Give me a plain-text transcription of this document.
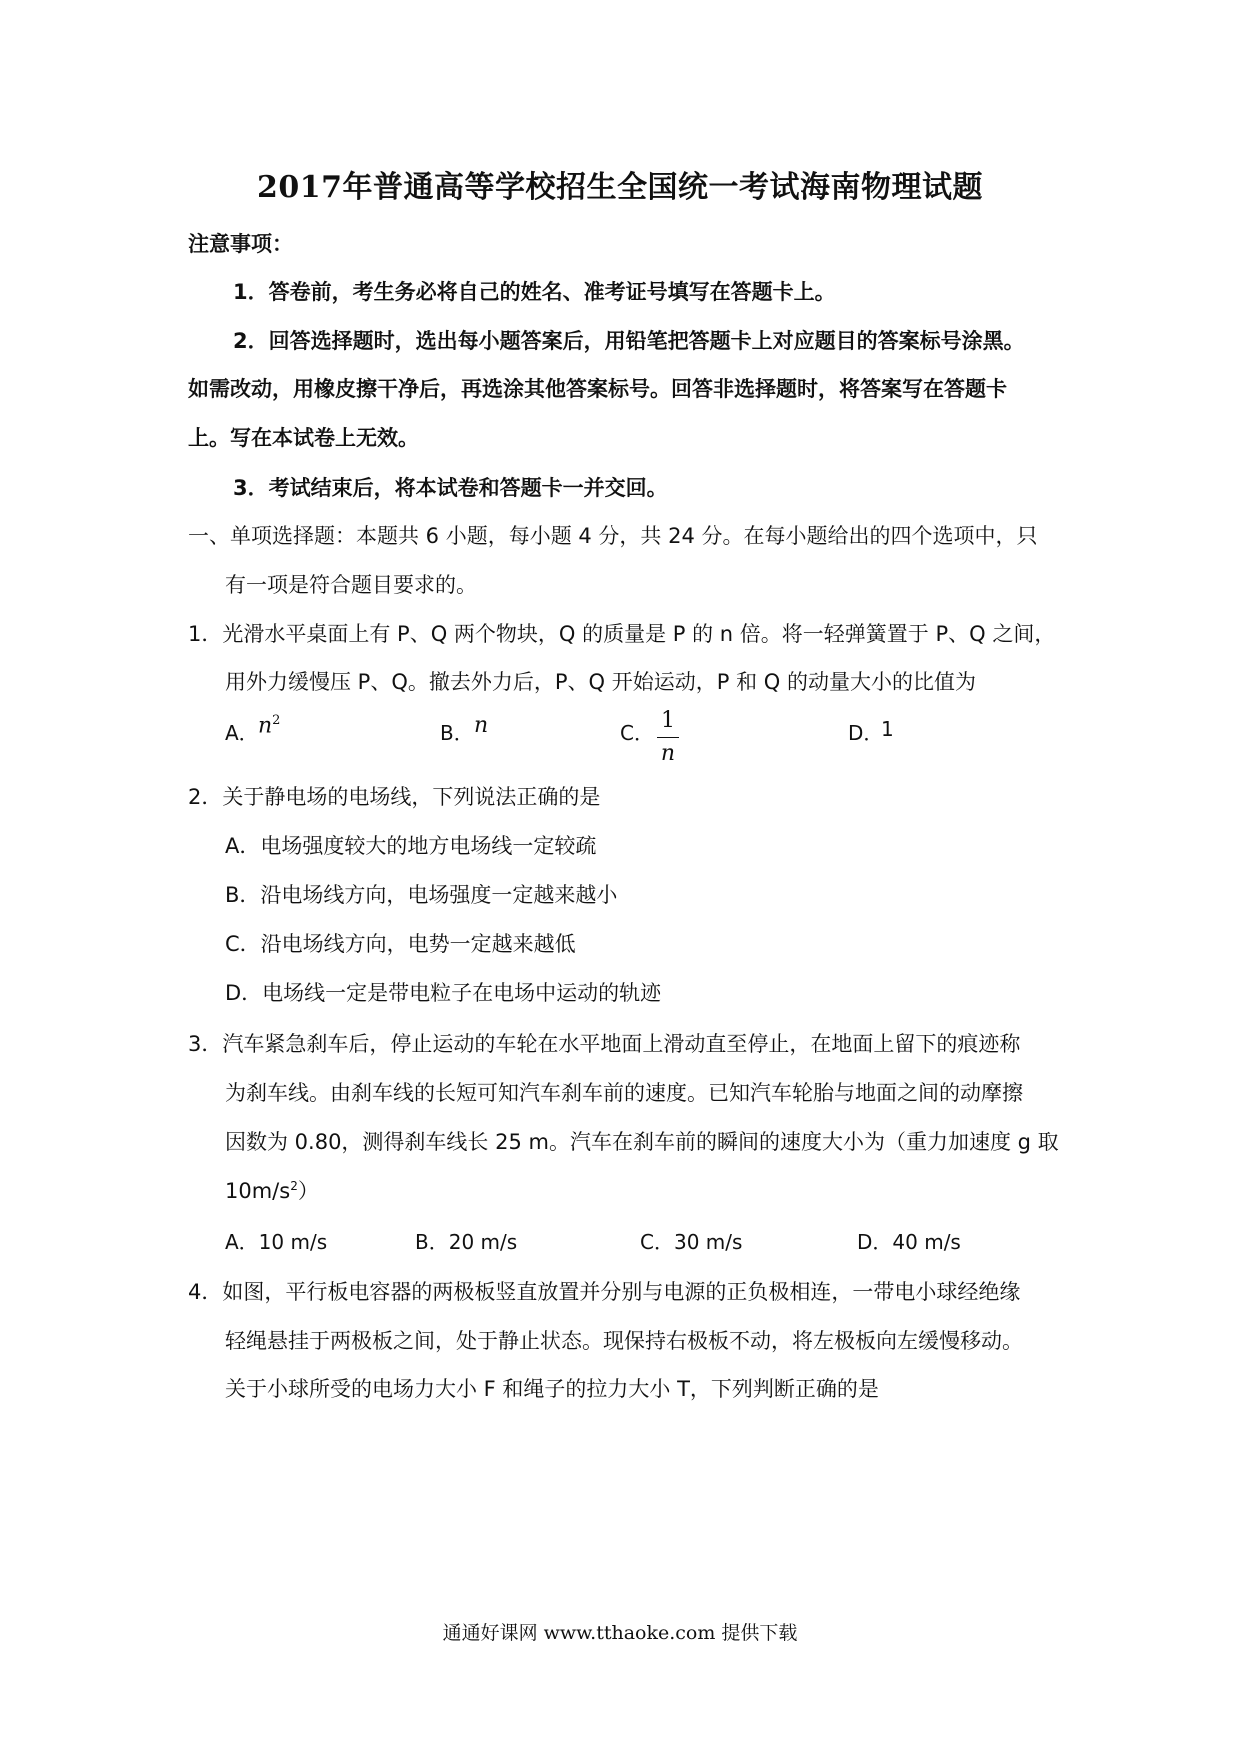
2017年普通高等学校招生全国统一考试海南物理试题
注意事项：
1．答卷前，考生务必将自己的姓名、准考证号填写在答题卡上。
2．回答选择题时，选出每小题答案后，用铅笔把答题卡上对应题目的答案标号涂黑。
如需改动，用橡皮擦干净后，再选涂其他答案标号。回答非选择题时，将答案写在答题卡
上。写在本试卷上无效。
3．考试结束后，将本试卷和答题卡一并交回。
一、单项选择题：本题共 6 小题，每小题 4 分，共 24 分。在每小题给出的四个选项中，只
有一项是符合题目要求的。
1．光滑水平桌面上有 P、Q 两个物块，Q 的质量是 P 的 n 倍。将一轻弹簧置于 P、Q 之间，
用外力缓慢压 P、Q。撤去外力后，P、Q 开始运动，P 和 Q 的动量大小的比值为
A． $n^2$
B． n	C． 1
n
D．
1
2．关于静电场的电场线，下列说法正确的是
A．电场强度较大的地方电场线一定较疏
B．沿电场线方向，电场强度一定越来越小
C．沿电场线方向，电势一定越来越低
D．电场线一定是带电粒子在电场中运动的轨迹
3．汽车紧急刹车后，停止运动的车轮在水平地面上滑动直至停止，在地面上留下的痕迹称
为刹车线。由刹车线的长短可知汽车刹车前的速度。已知汽车轮胎与地面之间的动摩擦
因数为 0.80，测得刹车线长 25 m。汽车在刹车前的瞬间的速度大小为（重力加速度 g 取
$10m/s^2$）
A．10 m/s	B．20 m/s	C．30 m/s	D．40 m/s
4．如图，平行板电容器的两极板竖直放置并分别与电源的正负极相连，一带电小球经绝缘
轻绳悬挂于两极板之间，处于静止状态。现保持右极板不动，将左极板向左缓慢移动。
关于小球所受的电场力大小 F 和绳子的拉力大小 T，下列判断正确的是
通通好课网 www.tthaoke.com 提供下载
